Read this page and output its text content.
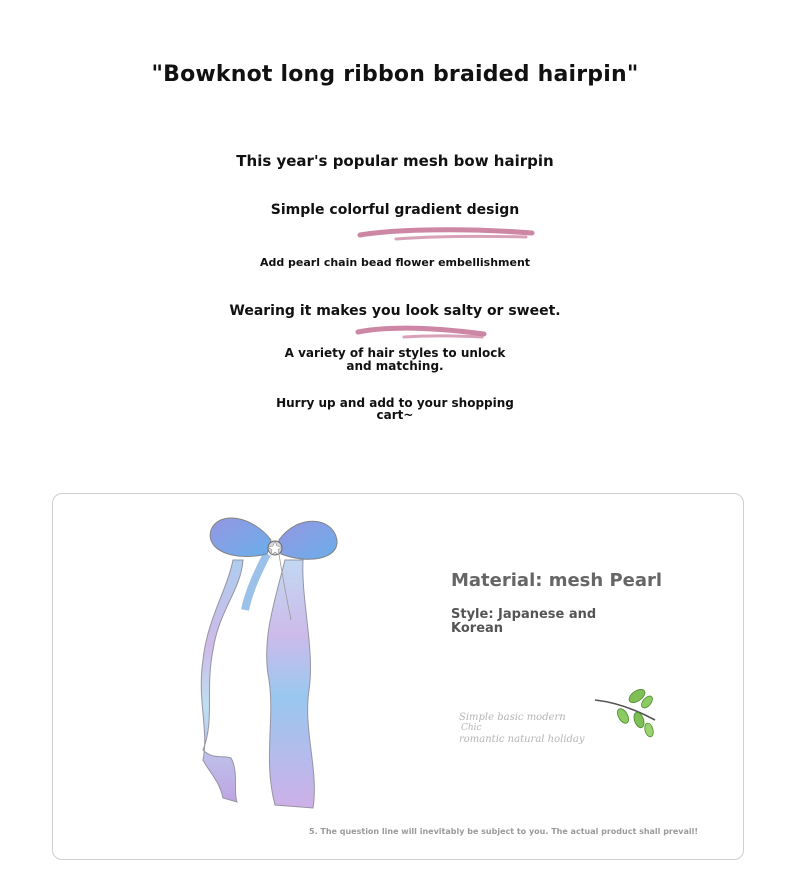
"Bowknot long ribbon braided hairpin"
This year's popular mesh bow hairpin
Simple colorful gradient design
Add pearl chain bead flower embellishment
Wearing it makes you look salty or sweet.
A variety of hair styles to unlock
and matching.
Hurry up and add to your shopping
cart~
Material: mesh Pearl
Style: Japanese and
Korean
Simple basic modern
Chic
romantic natural holiday
5. The question line will inevitably be subject to you. The actual product shall prevail!
